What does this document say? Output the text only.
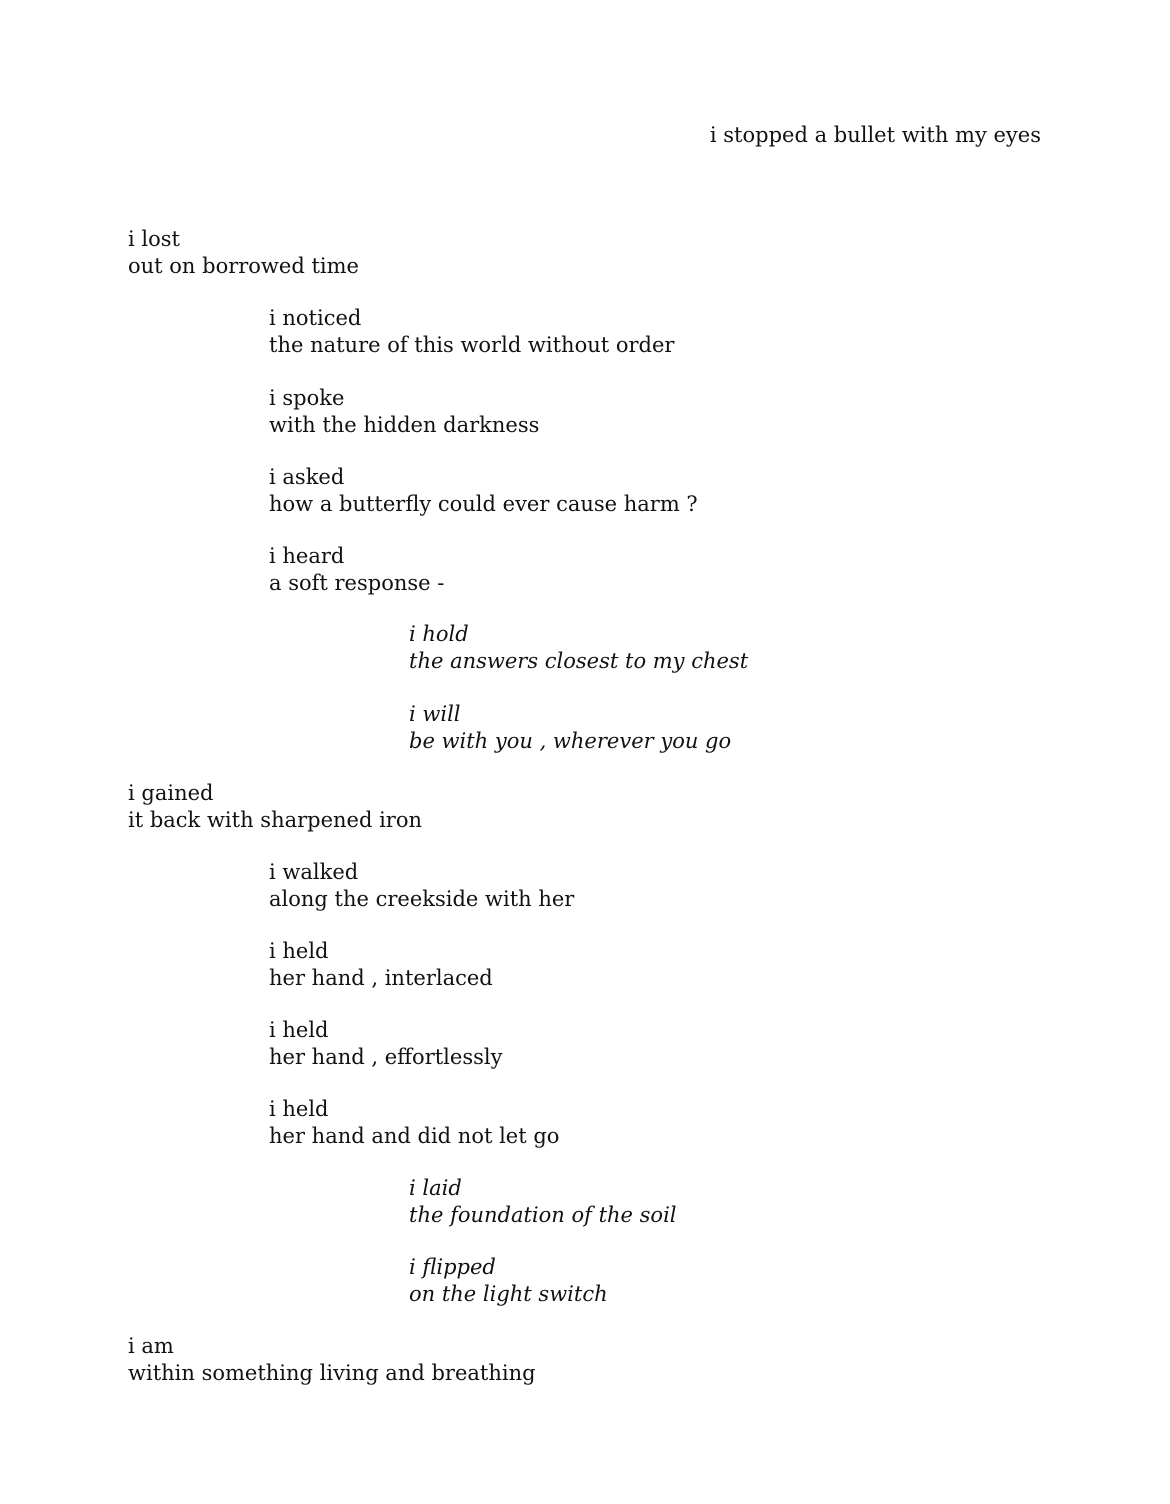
i stopped a bullet with my eyes
i lost
out on borrowed time
i noticed
the nature of this world without order
i spoke
with the hidden darkness
i asked
how a butterfly could ever cause harm ?
i heard
a soft response -
i hold
the answers closest to my chest
i will
be with you , wherever you go
i gained
it back with sharpened iron
i walked
along the creekside with her
i held
her hand , interlaced
i held
her hand , effortlessly
i held
her hand and did not let go
i laid
the foundation of the soil
i flipped
on the light switch
i am
within something living and breathing
